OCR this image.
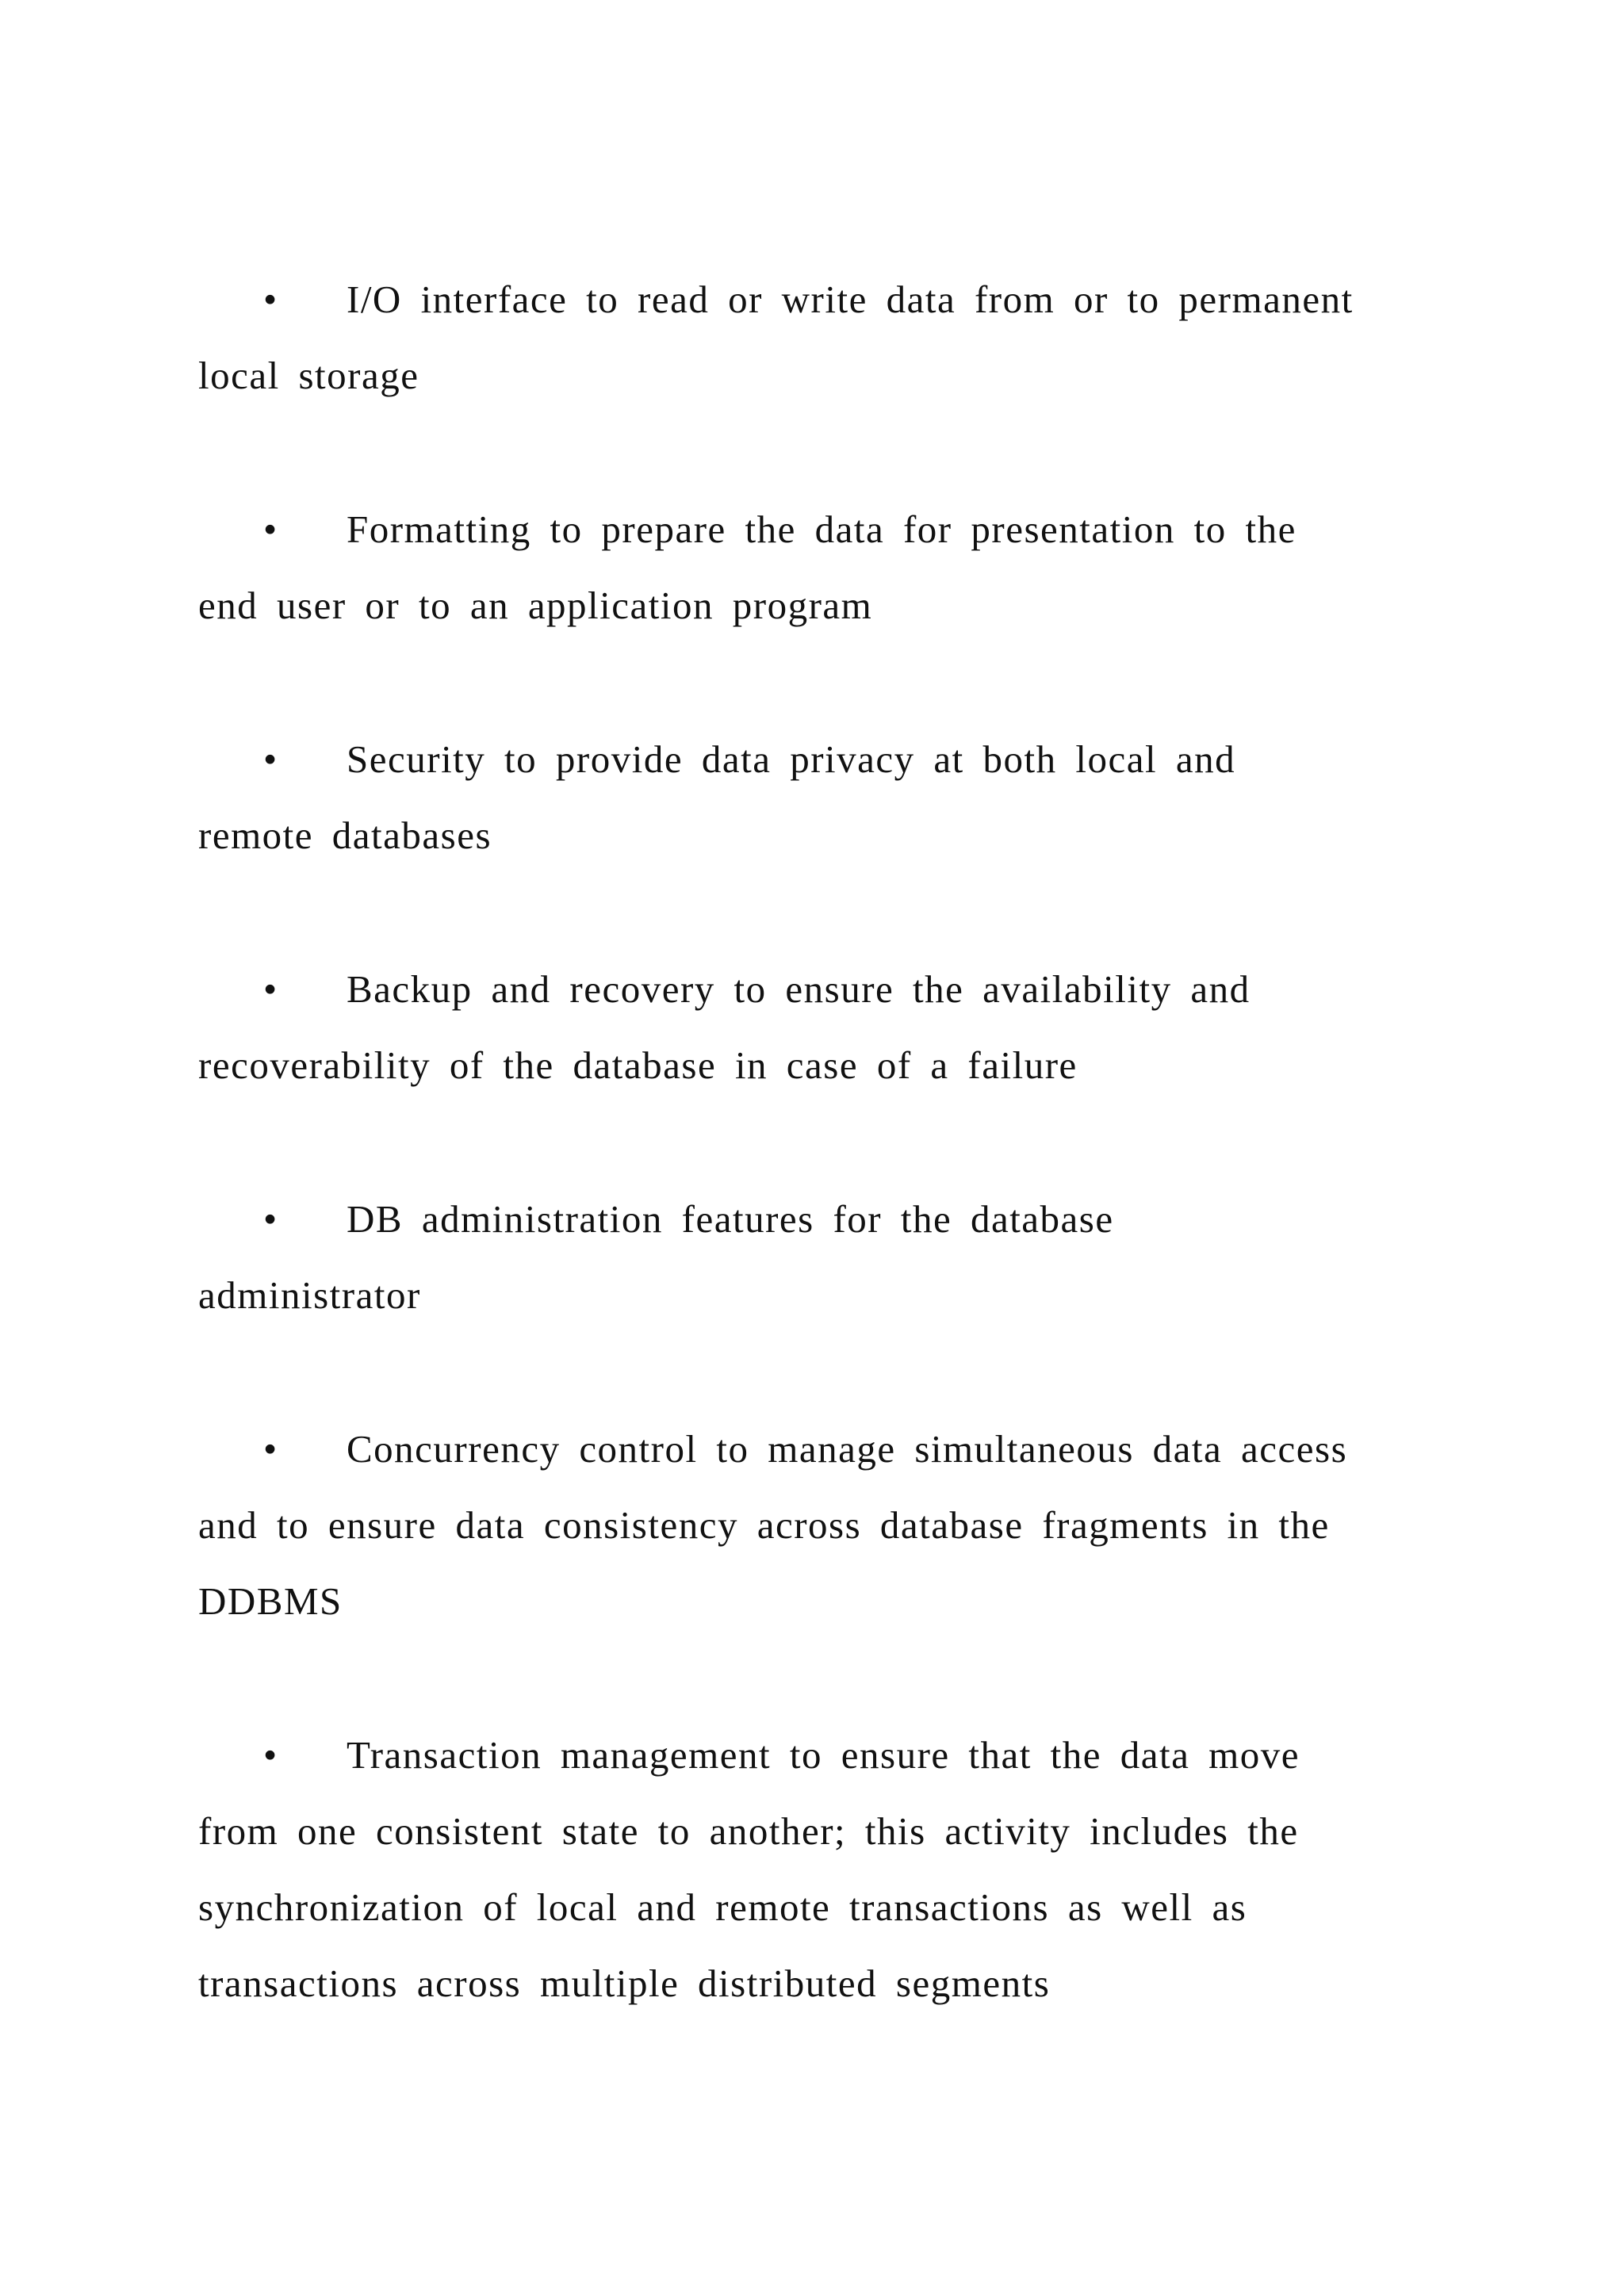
• I/O interface to read or write data from or to permanent
local storage
• Formatting to prepare the data for presentation to the
end user or to an application program
• Security to provide data privacy at both local and
remote databases
• Backup and recovery to ensure the availability and
recoverability of the database in case of a failure
• DB administration features for the database
administrator
• Concurrency control to manage simultaneous data access
and to ensure data consistency across database fragments in the
DDBMS
• Transaction management to ensure that the data move
from one consistent state to another; this activity includes the
synchronization of local and remote transactions as well as
transactions across multiple distributed segments
